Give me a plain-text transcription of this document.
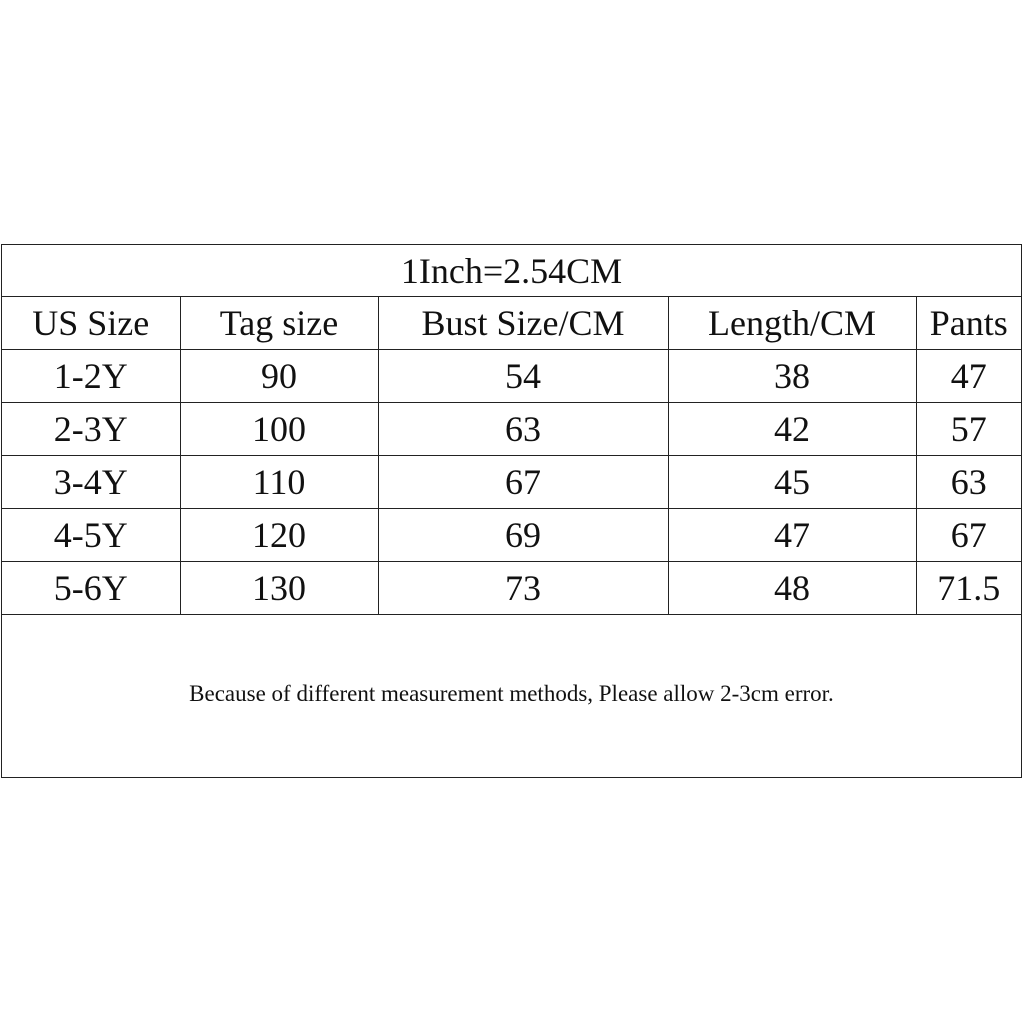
1Inch=2.54CM				
US Size	Tag size	Bust Size/CM	Length/CM	Pants
1-2Y	90	54	38	47
2-3Y	100	63	42	57
3-4Y	110	67	45	63
4-5Y	120	69	47	67
5-6Y	130	73	48	71.5
Because of different measurement methods, Please allow 2-3cm error.
